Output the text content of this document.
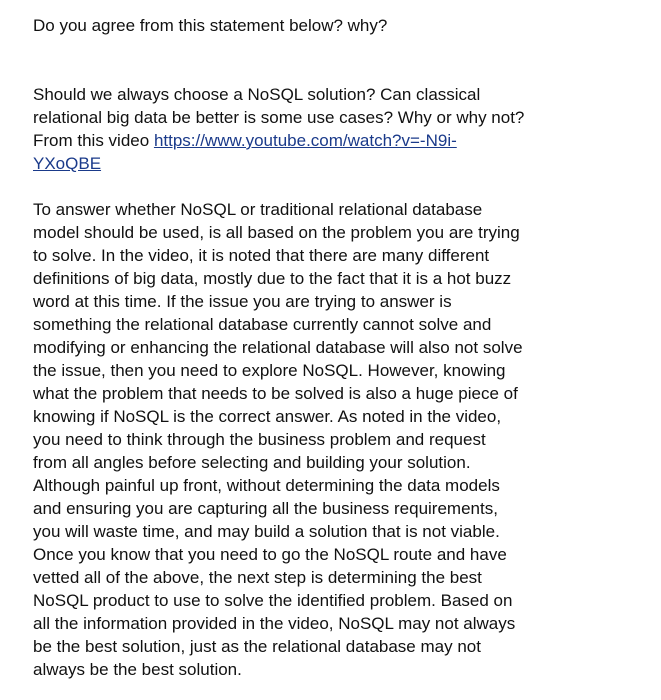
Do you agree from this statement below? why?

Should we always choose a NoSQL solution? Can classical
relational big data be better is some use cases? Why or why not?
From this video https://www.youtube.com/watch?v=-N9i-
YXoQBE

To answer whether NoSQL or traditional relational database
model should be used, is all based on the problem you are trying
to solve. In the video, it is noted that there are many different
definitions of big data, mostly due to the fact that it is a hot buzz
word at this time. If the issue you are trying to answer is
something the relational database currently cannot solve and
modifying or enhancing the relational database will also not solve
the issue, then you need to explore NoSQL. However, knowing
what the problem that needs to be solved is also a huge piece of
knowing if NoSQL is the correct answer. As noted in the video,
you need to think through the business problem and request
from all angles before selecting and building your solution.
Although painful up front, without determining the data models
and ensuring you are capturing all the business requirements,
you will waste time, and may build a solution that is not viable.
Once you know that you need to go the NoSQL route and have
vetted all of the above, the next step is determining the best
NoSQL product to use to solve the identified problem. Based on
all the information provided in the video, NoSQL may not always
be the best solution, just as the relational database may not
always be the best solution.
